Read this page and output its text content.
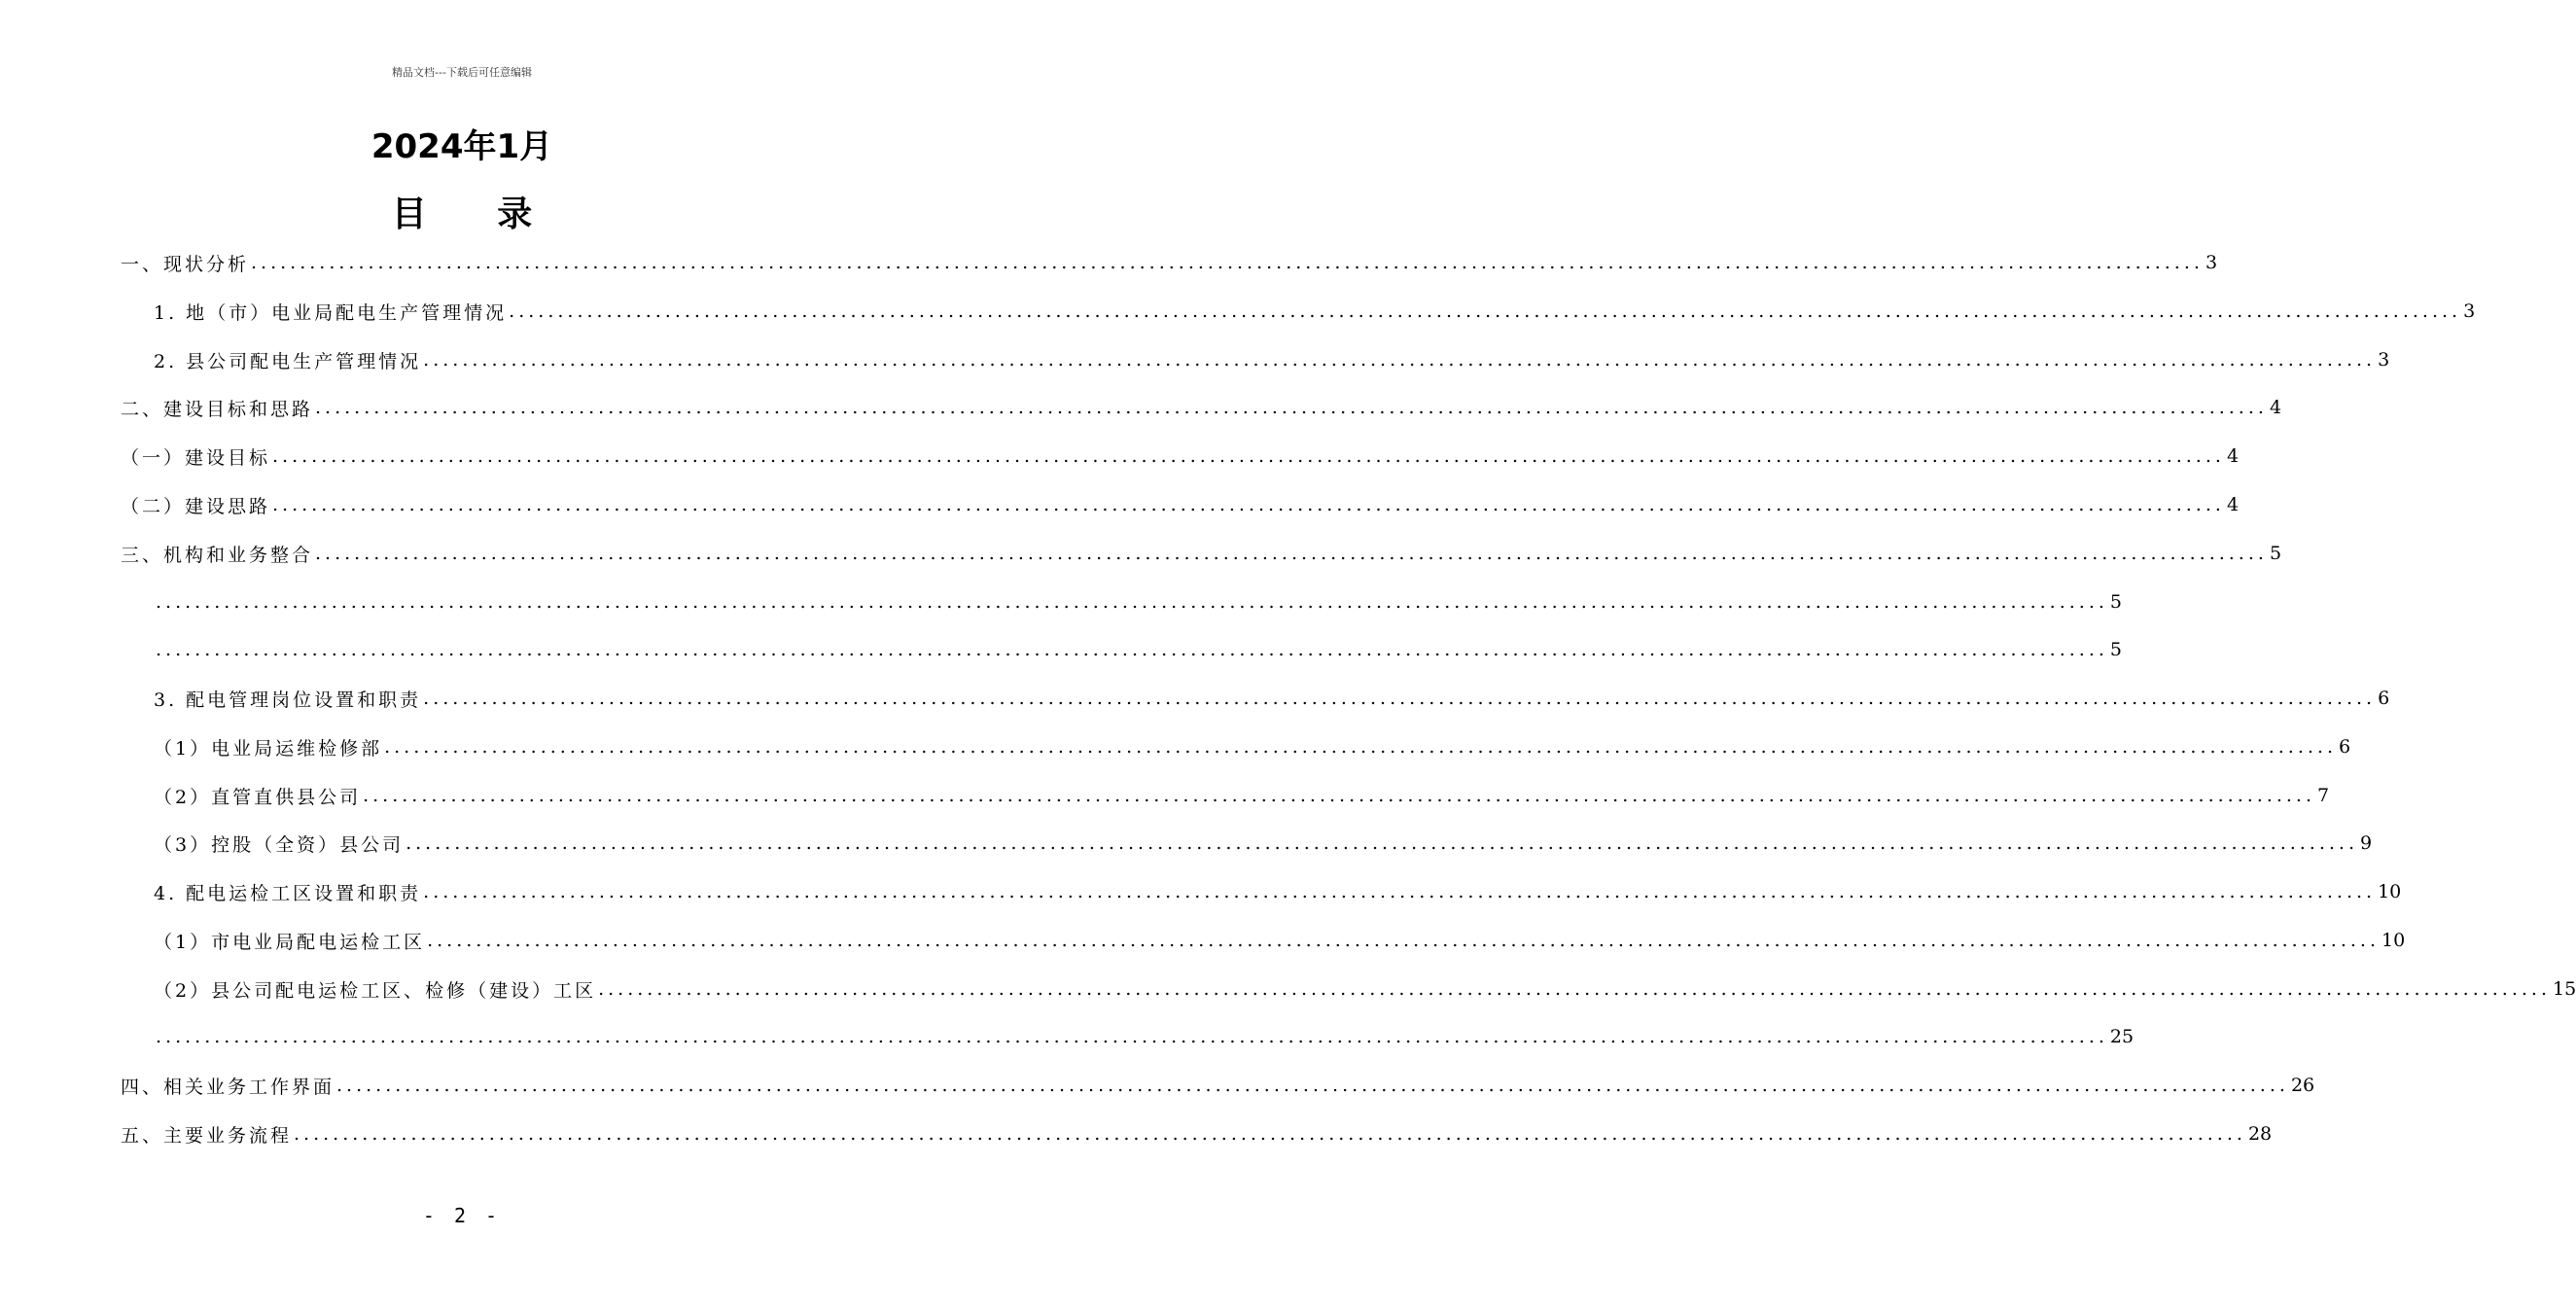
精品文档---下载后可任意编辑
2024年1月
目 录
一、现状分析 ........................................................................................................................................................................................................ 3
1. 地（市）电业局配电生产管理情况 ........................................................................................................................................................................................................ 3
2. 县公司配电生产管理情况 ........................................................................................................................................................................................................ 3
二、建设目标和思路 ........................................................................................................................................................................................................ 4
（一）建设目标 ........................................................................................................................................................................................................ 4
（二）建设思路 ........................................................................................................................................................................................................ 4
三、机构和业务整合 ........................................................................................................................................................................................................ 5
........................................................................................................................................................................................................ 5
........................................................................................................................................................................................................ 5
3. 配电管理岗位设置和职责 ........................................................................................................................................................................................................ 6
（1）电业局运维检修部 ........................................................................................................................................................................................................ 6
（2）直管直供县公司 ........................................................................................................................................................................................................ 7
（3）控股（全资）县公司 ........................................................................................................................................................................................................ 9
4. 配电运检工区设置和职责 ........................................................................................................................................................................................................ 10
（1）市电业局配电运检工区 ........................................................................................................................................................................................................ 10
（2）县公司配电运检工区、检修（建设）工区 ........................................................................................................................................................................................................ 15
........................................................................................................................................................................................................ 25
四、相关业务工作界面 ........................................................................................................................................................................................................ 26
五、主要业务流程 ........................................................................................................................................................................................................ 28
- 2 -
